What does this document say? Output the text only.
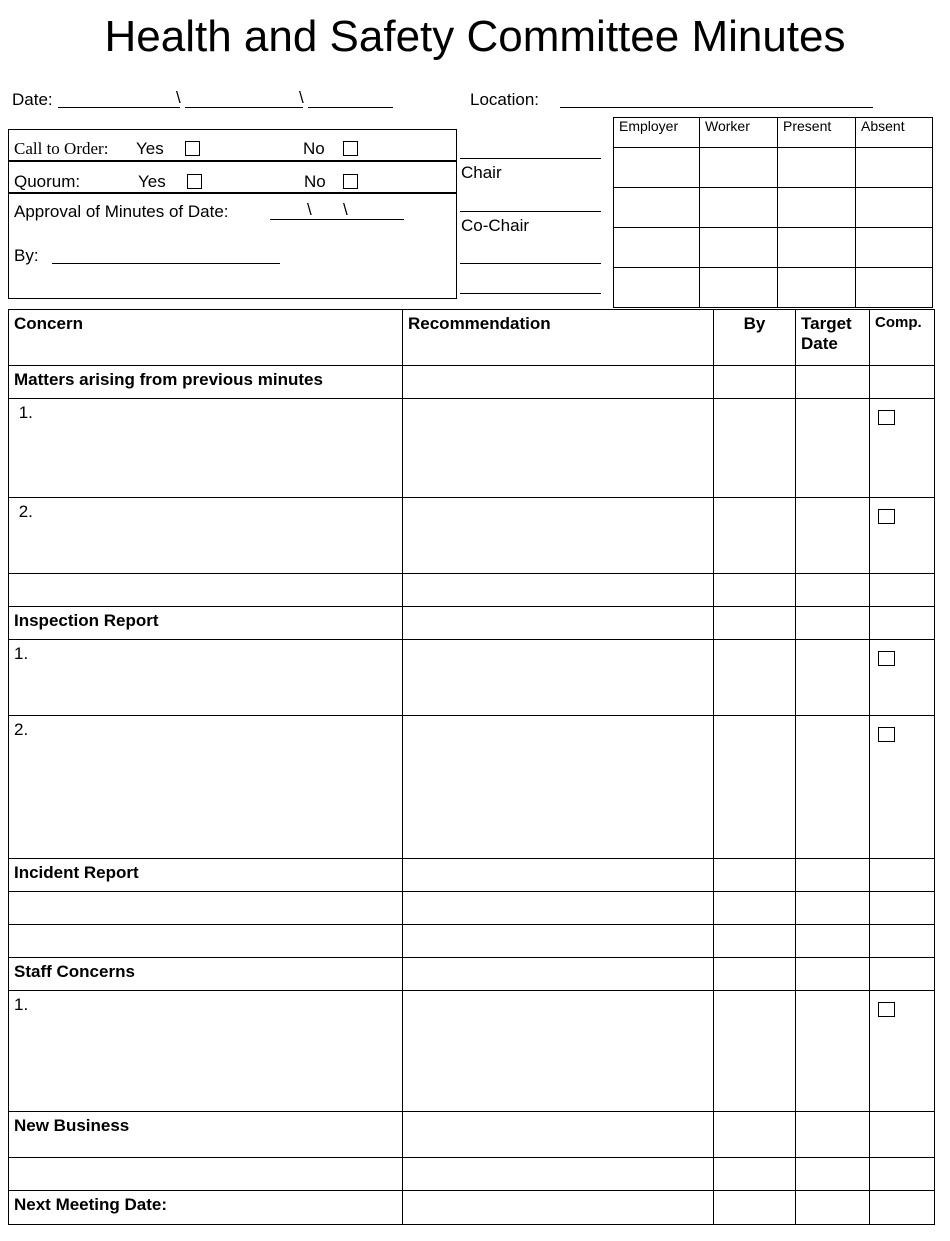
Health and Safety Committee Minutes
Date:	\	\	Location:
Call to Order: Yes	No
Quorum:	Yes	No
Approval of Minutes of Date:	\ \
By:
Chair
Co-Chair
Employer	Worker	Present	Absent

Concern	Recommendation	By	Target Date	Comp.
Matters arising from previous minutes				
1.				
2.				

Inspection Report				
1.				
2.				
Incident Report				

Staff Concerns				
1.				
New Business				

Next Meeting Date:				
